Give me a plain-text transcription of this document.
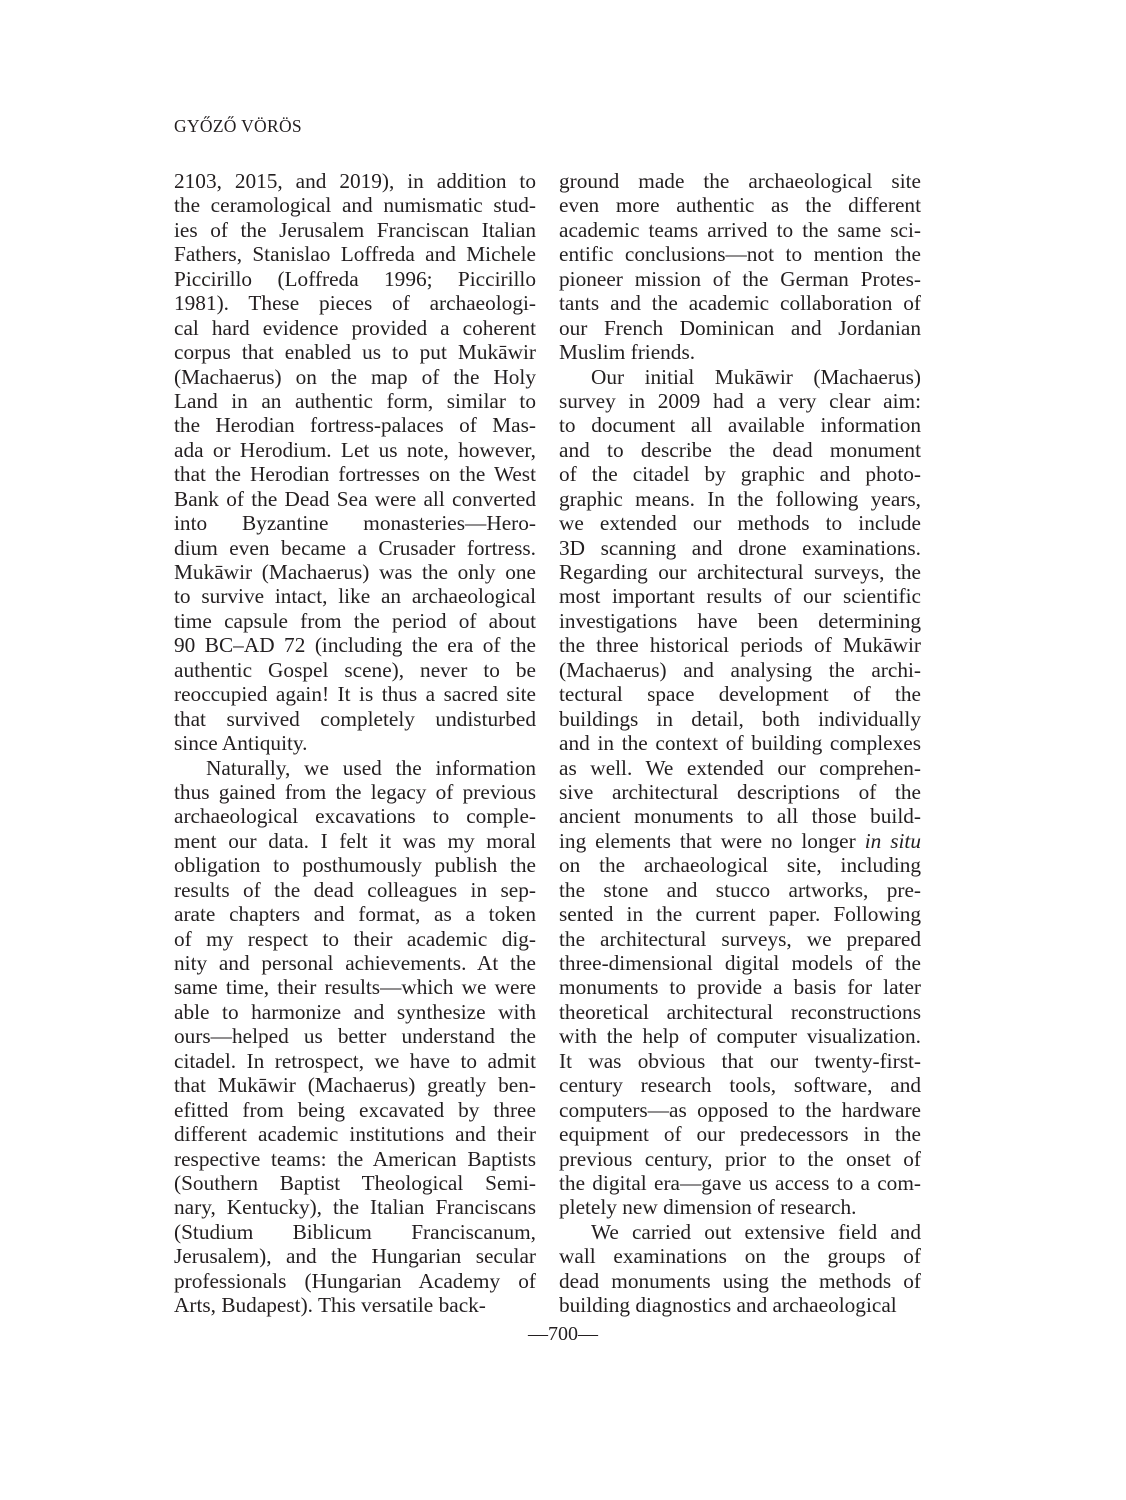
GYŐZŐ VÖRÖS
2103, 2015, and 2019), in addition to
the ceramological and numismatic stud-
ies of the Jerusalem Franciscan Italian
Fathers, Stanislao Loffreda and Michele
Piccirillo (Loffreda 1996; Piccirillo
1981). These pieces of archaeologi-
cal hard evidence provided a coherent
corpus that enabled us to put Mukāwir
(Machaerus) on the map of the Holy
Land in an authentic form, similar to
the Herodian fortress-palaces of Mas-
ada or Herodium. Let us note, however,
that the Herodian fortresses on the West
Bank of the Dead Sea were all converted
into Byzantine monasteries—Hero-
dium even became a Crusader fortress.
Mukāwir (Machaerus) was the only one
to survive intact, like an archaeological
time capsule from the period of about
90 BC–AD 72 (including the era of the
authentic Gospel scene), never to be
reoccupied again! It is thus a sacred site
that survived completely undisturbed
since Antiquity.
Naturally, we used the information
thus gained from the legacy of previous
archaeological excavations to comple-
ment our data. I felt it was my moral
obligation to posthumously publish the
results of the dead colleagues in sep-
arate chapters and format, as a token
of my respect to their academic dig-
nity and personal achievements. At the
same time, their results—which we were
able to harmonize and synthesize with
ours—helped us better understand the
citadel. In retrospect, we have to admit
that Mukāwir (Machaerus) greatly ben-
efitted from being excavated by three
different academic institutions and their
respective teams: the American Baptists
(Southern Baptist Theological Semi-
nary, Kentucky), the Italian Franciscans
(Studium Biblicum Franciscanum,
Jerusalem), and the Hungarian secular
professionals (Hungarian Academy of
Arts, Budapest). This versatile back-
ground made the archaeological site
even more authentic as the different
academic teams arrived to the same sci-
entific conclusions—not to mention the
pioneer mission of the German Protes-
tants and the academic collaboration of
our French Dominican and Jordanian
Muslim friends.
Our initial Mukāwir (Machaerus)
survey in 2009 had a very clear aim:
to document all available information
and to describe the dead monument
of the citadel by graphic and photo-
graphic means. In the following years,
we extended our methods to include
3D scanning and drone examinations.
Regarding our architectural surveys, the
most important results of our scientific
investigations have been determining
the three historical periods of Mukāwir
(Machaerus) and analysing the archi-
tectural space development of the
buildings in detail, both individually
and in the context of building complexes
as well. We extended our comprehen-
sive architectural descriptions of the
ancient monuments to all those build-
ing elements that were no longer in situ
on the archaeological site, including
the stone and stucco artworks, pre-
sented in the current paper. Following
the architectural surveys, we prepared
three-dimensional digital models of the
monuments to provide a basis for later
theoretical architectural reconstructions
with the help of computer visualization.
It was obvious that our twenty-first-
century research tools, software, and
computers—as opposed to the hardware
equipment of our predecessors in the
previous century, prior to the onset of
the digital era—gave us access to a com-
pletely new dimension of research.
We carried out extensive field and
wall examinations on the groups of
dead monuments using the methods of
building diagnostics and archaeological
—700—
